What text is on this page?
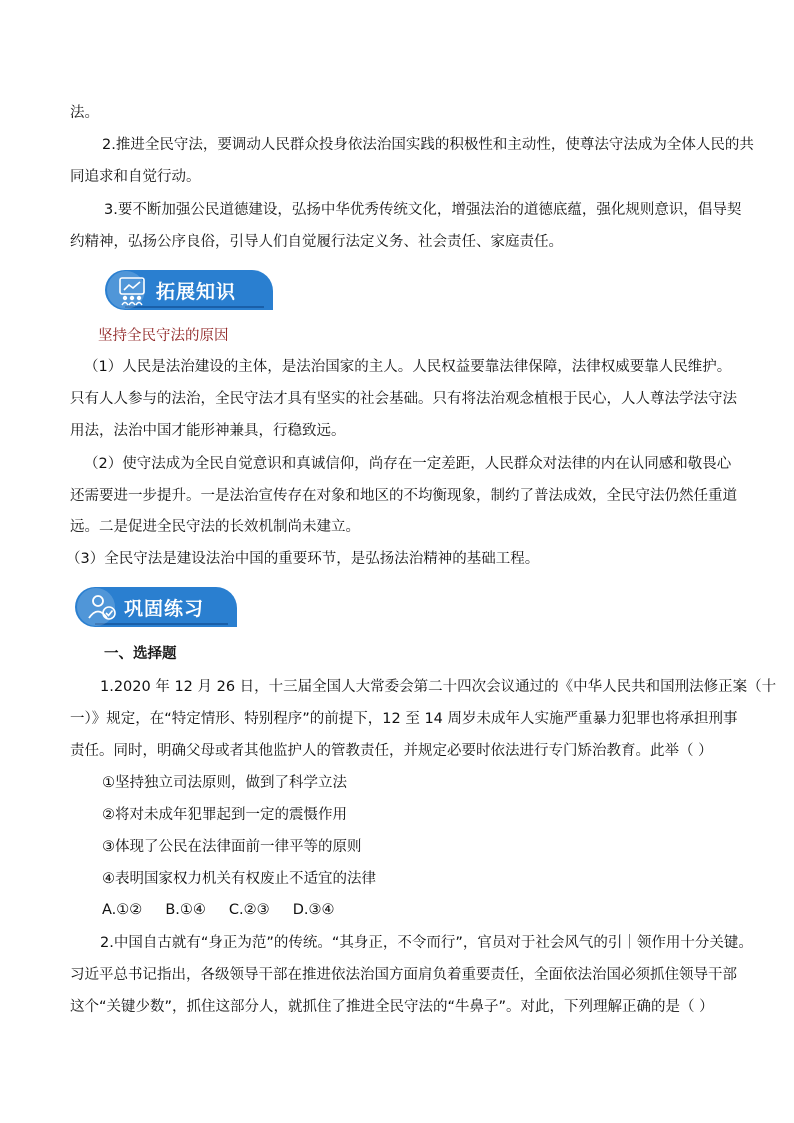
法。
2.推进全民守法，要调动人民群众投身依法治国实践的积极性和主动性，使尊法守法成为全体人民的共
同追求和自觉行动。
3.要不断加强公民道德建设，弘扬中华优秀传统文化，增强法治的道德底蕴，强化规则意识，倡导契
约精神，弘扬公序良俗，引导人们自觉履行法定义务、社会责任、家庭责任。
拓展知识
坚持全民守法的原因
（1）人民是法治建设的主体，是法治国家的主人。人民权益要靠法律保障，法律权威要靠人民维护。
只有人人参与的法治，全民守法才具有坚实的社会基础。只有将法治观念植根于民心，人人尊法学法守法
用法，法治中国才能形神兼具，行稳致远。
（2）使守法成为全民自觉意识和真诚信仰，尚存在一定差距，人民群众对法律的内在认同感和敬畏心
还需要进一步提升。一是法治宣传存在对象和地区的不均衡现象，制约了普法成效，全民守法仍然任重道
远。二是促进全民守法的长效机制尚未建立。
（3）全民守法是建设法治中国的重要环节，是弘扬法治精神的基础工程。
巩固练习
一、选择题
1.2020 年 12 月 26 日，十三届全国人大常委会第二十四次会议通过的《中华人民共和国刑法修正案（十
一）》规定，在“特定情形、特别程序”的前提下，12 至 14 周岁未成年人实施严重暴力犯罪也将承担刑事
责任。同时，明确父母或者其他监护人的管教责任，并规定必要时依法进行专门矫治教育。此举（ ）
①坚持独立司法原则，做到了科学立法
②将对未成年犯罪起到一定的震慑作用
③体现了公民在法律面前一律平等的原则
④表明国家权力机关有权废止不适宜的法律
A.①②     B.①④     C.②③     D.③④
2.中国自古就有“身正为范”的传统。“其身正，不令而行”，官员对于社会风气的引｜领作用十分关键。
习近平总书记指出，各级领导干部在推进依法治国方面肩负着重要责任，全面依法治国必须抓住领导干部
这个“关键少数”，抓住这部分人，就抓住了推进全民守法的“牛鼻子”。对此，下列理解正确的是（ ）
